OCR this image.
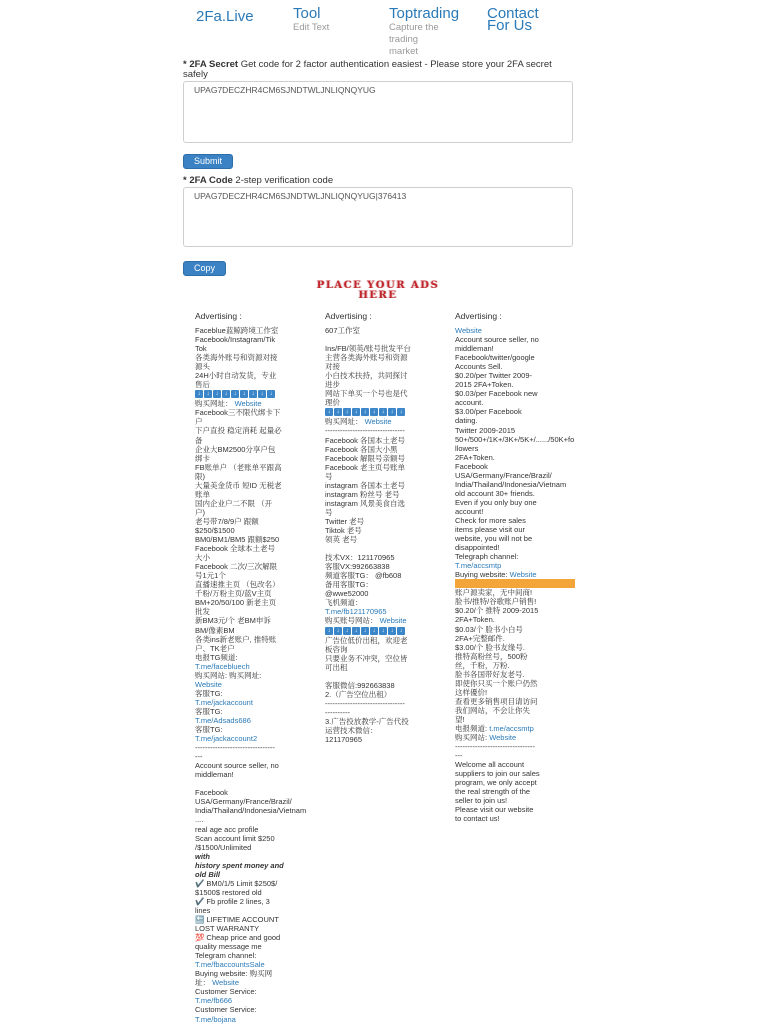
2Fa.Live	Tool
Edit Text
Toptrading
Capture the
trading
market
Contact
For Us
* 2FA Secret Get code for 2 factor authentication easiest - Please store your 2FA secret safely
UPAG7DECZHR4CM6SJNDTWLJNLIQNQYUG
Submit
* 2FA Code 2-step verification code
UPAG7DECZHR4CM6SJNDTWLJNLIQNQYUG|376413
Copy
PLACE YOUR ADS
HERE
Advertising :
Faceblue蓝鲸跨境工作室
Facebook/Instagram/Tik
Tok
各类海外账号和资源对接
源头
24H小时自动发货，专业
售后
↓	↓	↓	↓	↓	↓	↓	↓	↓
购买网址： Website
Facebook三不限代绑卡下
户
下户直投 稳定消耗 起量必
备
企业大BM2500分享户包
绑卡
FB账单户 （老账单平跟高
限)
大量美金货币 短ID 无税老
账单
国内企业户二不限 （开
户)
老号带7/8/9户 跟额
$250/$1500
BM0/BM1/BM5 跟额$250
Facebook 全球本土老号
大小
Facebook 二次/三次解限
号1元1个
直播速推主页 （包改名）
千粉/万粉主页/蓝V主页
BM+20/50/100 新老主页
批发
新BM3元/个 老BM申诉
BM/像素BM
各类ins新老账户, 推特账
户、TK老户
电报TG频道:
T.me/facebluech
购买网站: 购买网址:
Website
客服TG:
T.me/jackaccount
客服TG:
T.me/Adsads686
客服TG:
T.me/jackaccount2
--------------------------------
---
Account source seller, no
middleman!

Facebook
USA/Germany/France/Brazil/
India/Thailand/Indonesia/Vietnam....
real age acc profile
Scan account limit $250
/$1500/Unlimited
with
history spent money and
old Bill
✔️ BM0/1/5 Limit $250$/
$1500$ restored old
✔️ Fb profile 2 lines, 3
lines
🔙 LIFETIME ACCOUNT
LOST WARRANTY
💯 Cheap price and good
quality message me
Telegram channel:
T.me/fbaccountsSale
Buying website: 购买网
址： Website
Customer Service:
T.me/fb666
Customer Service:
T.me/bojana
Advertising :
607工作室

Ins/FB/领英/账号批发平台
主营各类海外账号和资源
对接
小白技术扶持，共同探讨
进步
网站下单买一个号也是代
理价
↓	↓	↓	↓	↓	↓	↓	↓	↓
购买网址： Website
--------------------------------
Facebook 各国本土老号
Facebook 各国大小黑
Facebook 解限号亲额号
Facebook 老主页号账单
号
instagram 各国本土老号
instagram 粉丝号 老号
instagram 风景美食自选
号
Twitter 老号
Tiktok 老号
领英 老号

技术VX：121170965
客服VX:992663838
频道客服TG： @fb608
备用客服TG：
@wwe52000
飞机频道：
T.me/fb121170965
购买账号网站： Website
↓	↓	↓	↓	↓	↓	↓	↓	↓
广告位低价出租，欢迎老
板咨询
只要业务不冲突，空位皆
可出租

客服微信:992663838
2.（广告空位出租）
--------------------------------
----------
3.广告投放教学-广告代投
运营技术微信：
121170965
Advertising :
Website
Account source seller, no
middleman!
Facebook/twitter/google
Accounts Sell.
$0.20/per Twitter 2009-
2015 2FA+Token.
$0.03/per Facebook new
account.
$3.00/per Facebook
dating.
Twitter 2009-2015
50+/500+/1K+/3K+/5K+/....../50K+followers
2FA+Token.
Facebook
USA/Germany/France/Brazil/
India/Thailand/Indonesia/Vietnam
old account 30+ friends.
Even if you only buy one
account!
Check for more sales
items please visit our
website, you will not be
disappointed!
Telegraph channel:
T.me/accsmtp
Buying website: Website
━━━━━━━━━━━━━━━━━━
账户源卖家，无中间商!
脸书/推特/谷歌账户销售!
$0.20/个 推特 2009-2015
2FA+Token.
$0.03/个 脸书小白号
2FA+完整邮件.
$3.00/个 脸书友缘号.
推特高粉丝号，500粉
丝，千粉，万粉.
脸书各国带好友老号.
即使你只买一个账户仍然
这样優价!
查看更多销售项目请访问
我们网站，不会让你失
望!
电报频道: t.me/accsmtp
购买网站: Website
--------------------------------
---
Welcome all account
suppliers to join our sales
program, we only accept
the real strength of the
seller to join us!
Please visit our website
to contact us!
